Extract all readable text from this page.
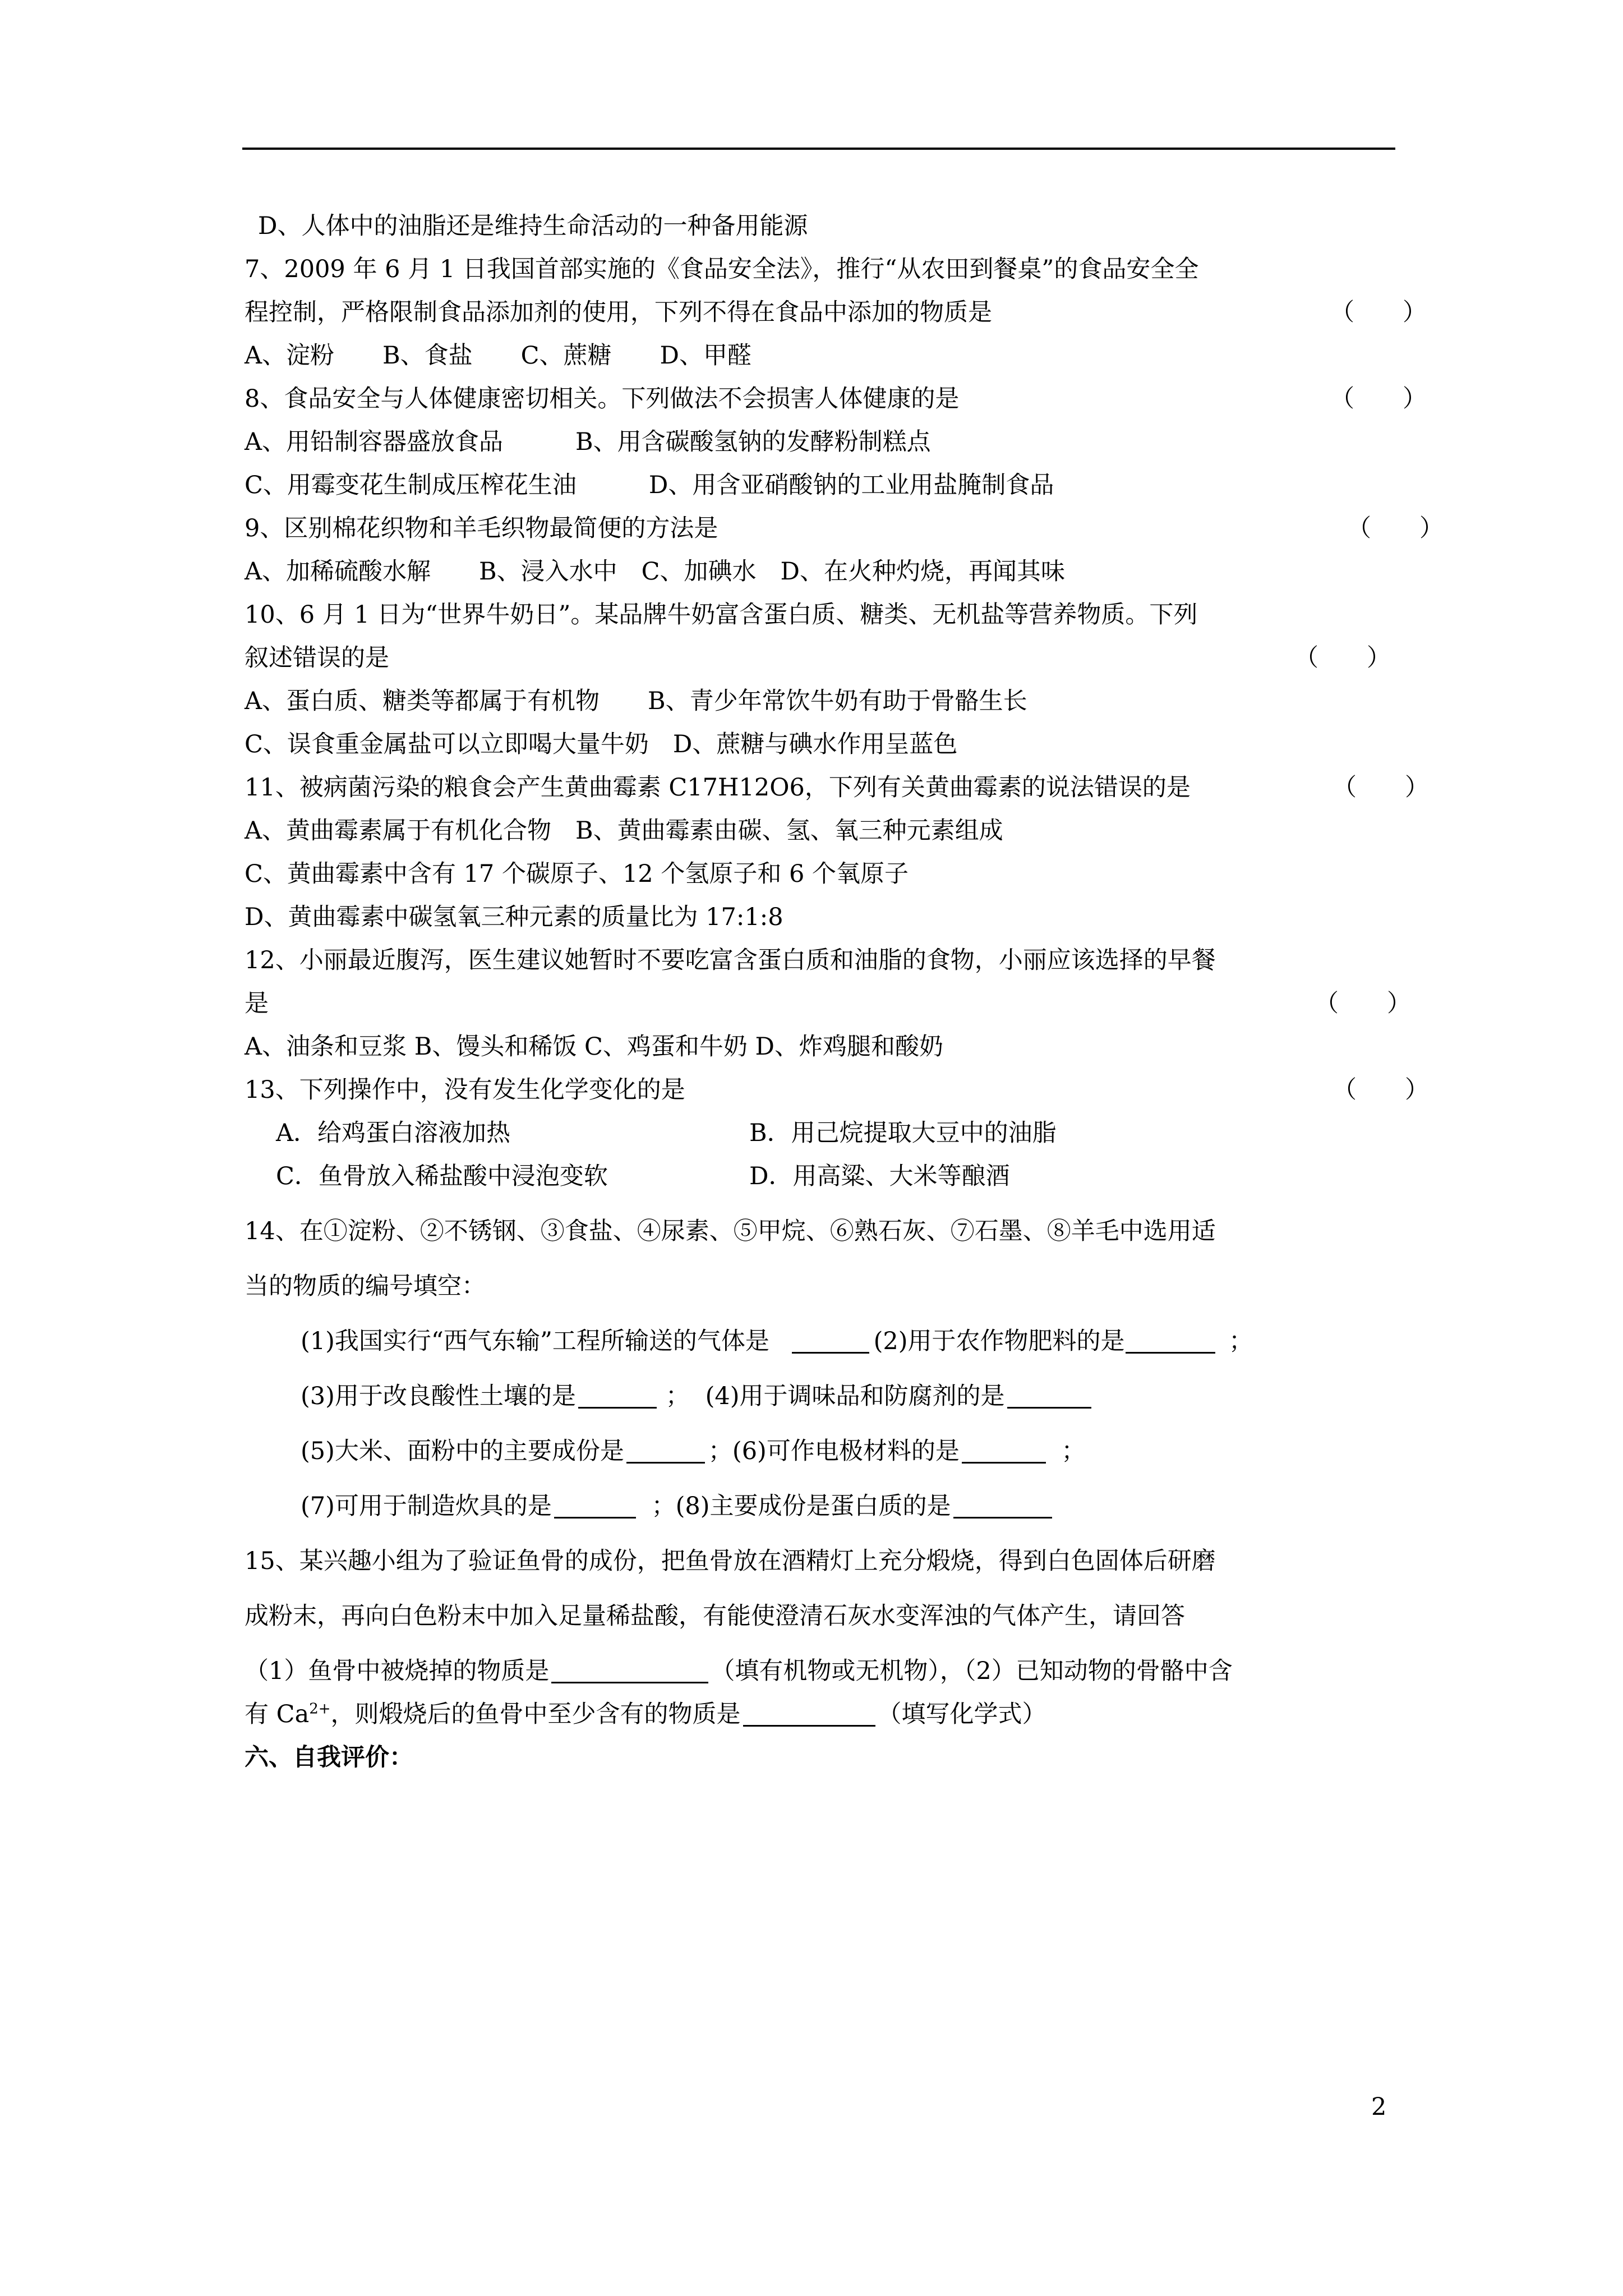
D、人体中的油脂还是维持生命活动的一种备用能源
7、2009 年 6 月 1 日我国首部实施的《食品安全法》，推行“从农田到餐桌”的食品安全全
程控制，严格限制食品添加剂的使用，下列不得在食品中添加的物质是	（　　）
A、淀粉　　B、食盐　　C、蔗糖　　D、甲醛
8、食品安全与人体健康密切相关。下列做法不会损害人体健康的是	（　　）
A、用铅制容器盛放食品　　　B、用含碳酸氢钠的发酵粉制糕点
C、用霉变花生制成压榨花生油　　　D、用含亚硝酸钠的工业用盐腌制食品
9、区别棉花织物和羊毛织物最简便的方法是	（　　）
A、加稀硫酸水解　　B、浸入水中　C、加碘水　D、在火种灼烧，再闻其味
10、6 月 1 日为“世界牛奶日”。某品牌牛奶富含蛋白质、糖类、无机盐等营养物质。下列
叙述错误的是	（　　）
A、蛋白质、糖类等都属于有机物　　B、青少年常饮牛奶有助于骨骼生长
C、误食重金属盐可以立即喝大量牛奶　D、蔗糖与碘水作用呈蓝色
11、被病菌污染的粮食会产生黄曲霉素 C17H12O6，下列有关黄曲霉素的说法错误的是	（　　）
A、黄曲霉素属于有机化合物　B、黄曲霉素由碳、氢、氧三种元素组成
C、黄曲霉素中含有 17 个碳原子、12 个氢原子和 6 个氧原子
D、黄曲霉素中碳氢氧三种元素的质量比为 17:1:8
12、小丽最近腹泻，医生建议她暂时不要吃富含蛋白质和油脂的食物，小丽应该选择的早餐
是	（　　）
A、油条和豆浆 B、馒头和稀饭 C、鸡蛋和牛奶 D、炸鸡腿和酸奶
13、下列操作中，没有发生化学变化的是	（　　）
A．给鸡蛋白溶液加热	B．用己烷提取大豆中的油脂
C．鱼骨放入稀盐酸中浸泡变软	D．用高粱、大米等酿酒
14、在①淀粉、②不锈钢、③食盐、④尿素、⑤甲烷、⑥熟石灰、⑦石墨、⑧羊毛中选用适
当的物质的编号填空：
(1)我国实行“西气东输”工程所输送的气体是	(2)用于农作物肥料的是	；
(3)用于改良酸性土壤的是	； (4)用于调味品和防腐剂的是
(5)大米、面粉中的主要成份是	；(6)可作电极材料的是	；
(7)可用于制造炊具的是	；(8)主要成份是蛋白质的是
15、某兴趣小组为了验证鱼骨的成份，把鱼骨放在酒精灯上充分煅烧，得到白色固体后研磨
成粉末，再向白色粉末中加入足量稀盐酸，有能使澄清石灰水变浑浊的气体产生，请回答
（1）鱼骨中被烧掉的物质是	（填有机物或无机物），（2）已知动物的骨骼中含
有 $Ca^{2+}$，则煅烧后的鱼骨中至少含有的物质是	（填写化学式）
六、自我评价：
2
